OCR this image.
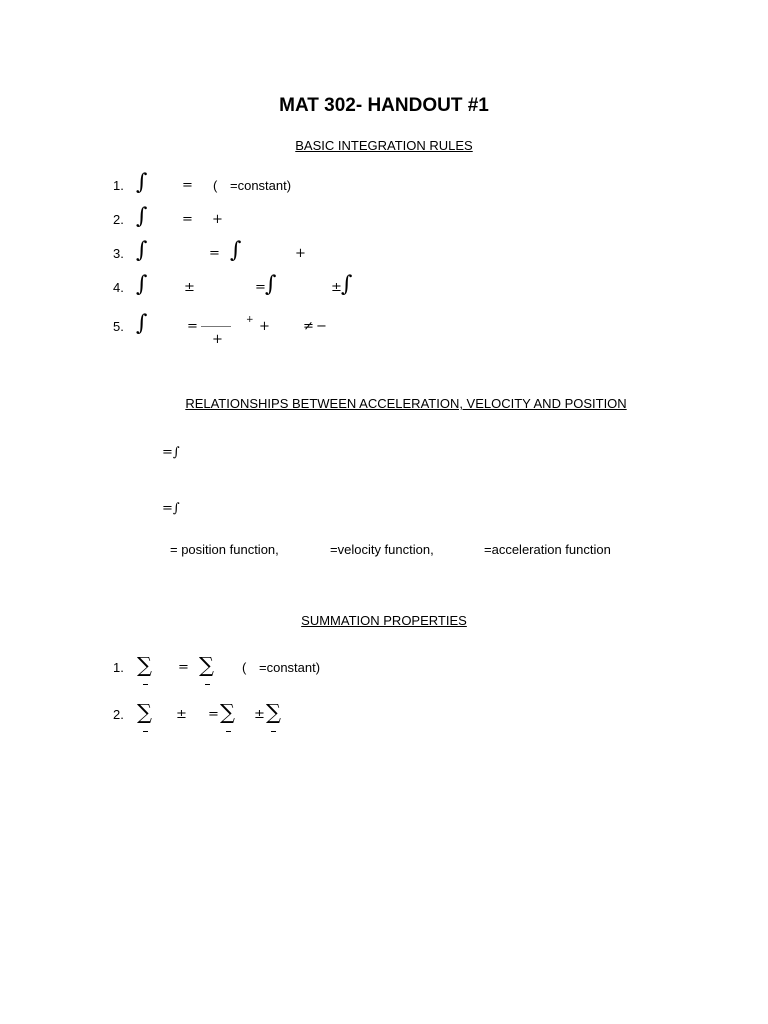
MAT 302- HANDOUT #1
BASIC INTEGRATION RULES
1. ∫	= ( =constant)
2. ∫	= +
3. ∫	= ∫	+
4. ∫	±	= ∫	± ∫
5. ∫	=
+
+ +	≠ −
RELATIONSHIPS BETWEEN ACCELERATION, VELOCITY AND POSITION
=∫
=∫
= position function,	=velocity function,	=acceleration function
SUMMATION PROPERTIES
1. ∑ = ∑ ( =constant)
2. ∑ ± = ∑ ± ∑
